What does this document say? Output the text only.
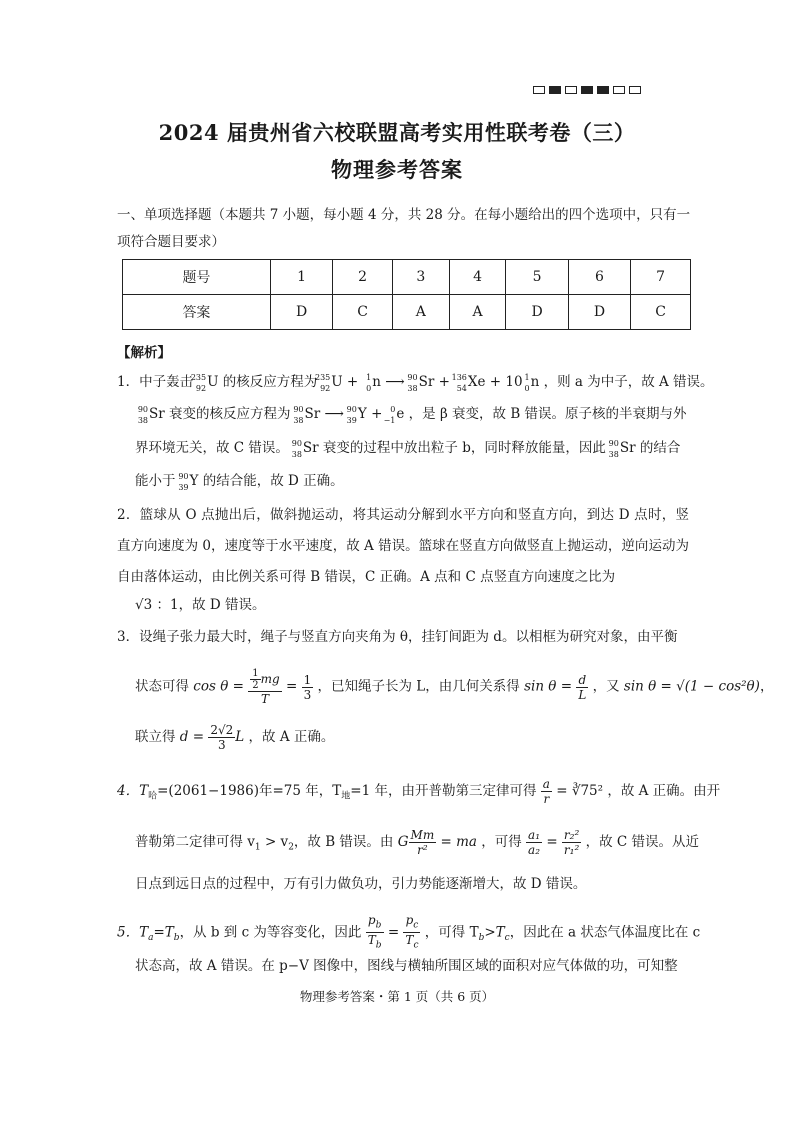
2024 届贵州省六校联盟高考实用性联考卷（三）
物理参考答案
一、单项选择题（本题共 7 小题，每小题 4 分，共 28 分。在每小题给出的四个选项中，只有一项符合题目要求）
题号	1	2	3	4	5	6	7
答案	D	C	A	A	D	D	C
【解析】
1．中子轰击
235
92 U 的核反应方程为
235
92 U + 1
0 n ⟶ 90
38 Sr + 136
54 Xe + 10 1
0 n ，则 a 为中子，故 A 错误。
90
38 Sr 衰变的核反应方程为 90
38 Sr ⟶ 90
39 Y + 0
−1 e ，是 β 衰变，故 B 错误。原子核的半衰期与外
界环境无关，故 C 错误。 90
38 Sr 衰变的过程中放出粒子 b，同时释放能量，因此 90
38 Sr 的结合
能小于 90
39 Y 的结合能，故 D 正确。
2．篮球从 O 点抛出后，做斜抛运动，将其运动分解到水平方向和竖直方向，到达 D 点时，竖直方向速度为 0，速度等于水平速度，故 A 错误。篮球在竖直方向做竖直上抛运动，逆向运动为自由落体运动，由比例关系可得 B 错误，C 正确。A 点和 C 点竖直方向速度之比为
√3 ：1，故 D 错误。
3．设绳子张力最大时，绳子与竖直方向夹角为 θ，挂钉间距为 d。以相框为研究对象，由平衡
状态可得 $\cos \theta = \frac{\frac{1}{2} mg}{T} = \frac{1}{3}$ ，已知绳子长为 L，由几何关系得 $\sin \theta = \frac{d}{L}$ ，又 sin θ = √(1 − cos²θ)，
联立得 $d = \frac{2√2}{3}$ L ，故 A 正确。
4．$T_哈=(2061-1986)$年=75 年，$T_地=1$ 年，由开普勒第三定律可得 $\frac{a}{r}$ = ∛75² ，故 A 正确。由开
普勒第二定律可得 $v_1 > v_2$，故 B 错误。由 G $\frac{Mm}{\text{r²}}$ = ma ，可得 $\frac{\text{a₁}}{\text{a₂}} = \frac{\text{r₂²}}{\text{r₁²}}$ ，故 C 错误。从近
日点到远日点的过程中，万有引力做负功，引力势能逐渐增大，故 D 错误。
5．$T_a=T_b$，从 b 到 c 为等容变化，因此 $\frac{p_b}{T_b} = \frac{p_c}{T_c}$ ，可得 $T_b>T_c$，因此在 a 状态气体温度比在 c
状态高，故 A 错误。在 p−V 图像中，图线与横轴所围区域的面积对应气体做的功，可知整
物理参考答案・第 1 页（共 6 页）
